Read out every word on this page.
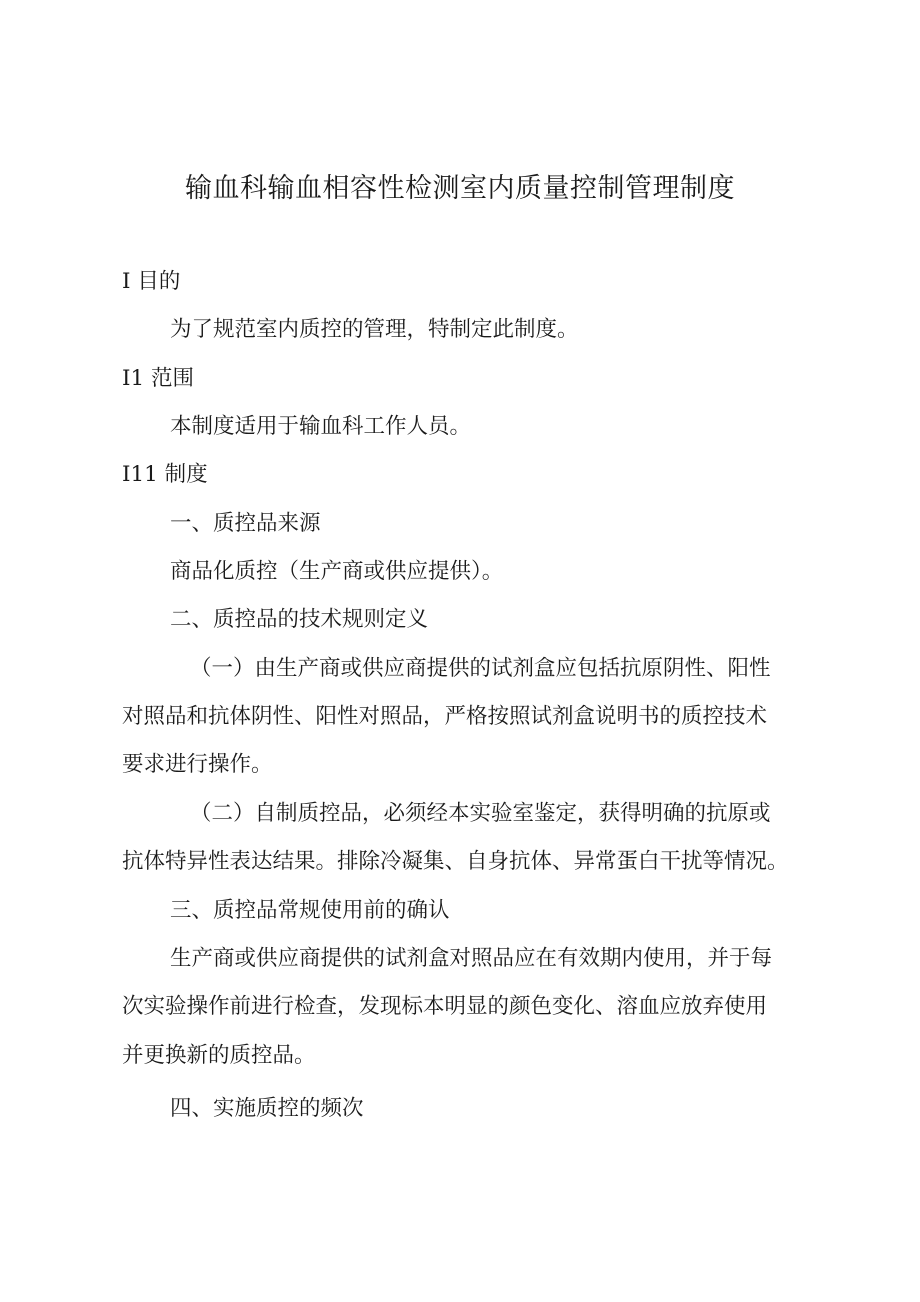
输血科输血相容性检测室内质量控制管理制度
I 目的
为了规范室内质控的管理，特制定此制度。
I1 范围
本制度适用于输血科工作人员。
I11 制度
一、质控品来源
商品化质控（生产商或供应提供）。
二、质控品的技术规则定义
（一）由生产商或供应商提供的试剂盒应包括抗原阴性、阳性
对照品和抗体阴性、阳性对照品，严格按照试剂盒说明书的质控技术
要求进行操作。
（二）自制质控品，必须经本实验室鉴定，获得明确的抗原或
抗体特异性表达结果。排除冷凝集、自身抗体、异常蛋白干扰等情况。
三、质控品常规使用前的确认
生产商或供应商提供的试剂盒对照品应在有效期内使用，并于每
次实验操作前进行检查，发现标本明显的颜色变化、溶血应放弃使用
并更换新的质控品。
四、实施质控的频次
